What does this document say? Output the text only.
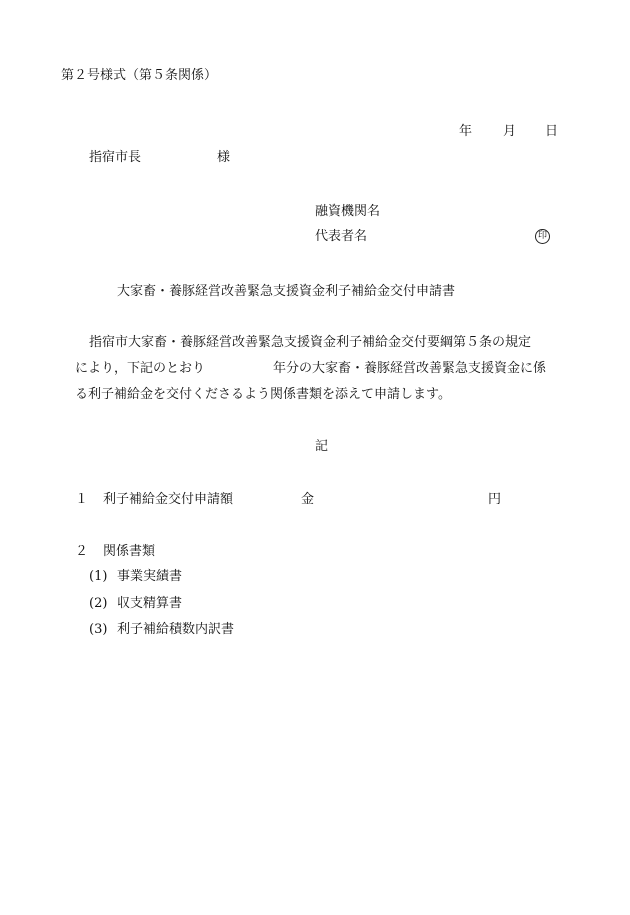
第２号様式（第５条関係）
年 月 日
指宿市長	様
融資機関名
代表者名	印
大家畜・養豚経営改善緊急支援資金利子補給金交付申請書
指宿市大家畜・養豚経営改善緊急支援資金利子補給金交付要綱第５条の規定
により，下記のとおり	年分の大家畜・養豚経営改善緊急支援資金に係
る利子補給金を交付くださるよう関係書類を添えて申請します。
記
１ 利子補給金交付申請額	金	円
２ 関係書類
(1) 事業実績書
(2) 収支精算書
(3) 利子補給積数内訳書
